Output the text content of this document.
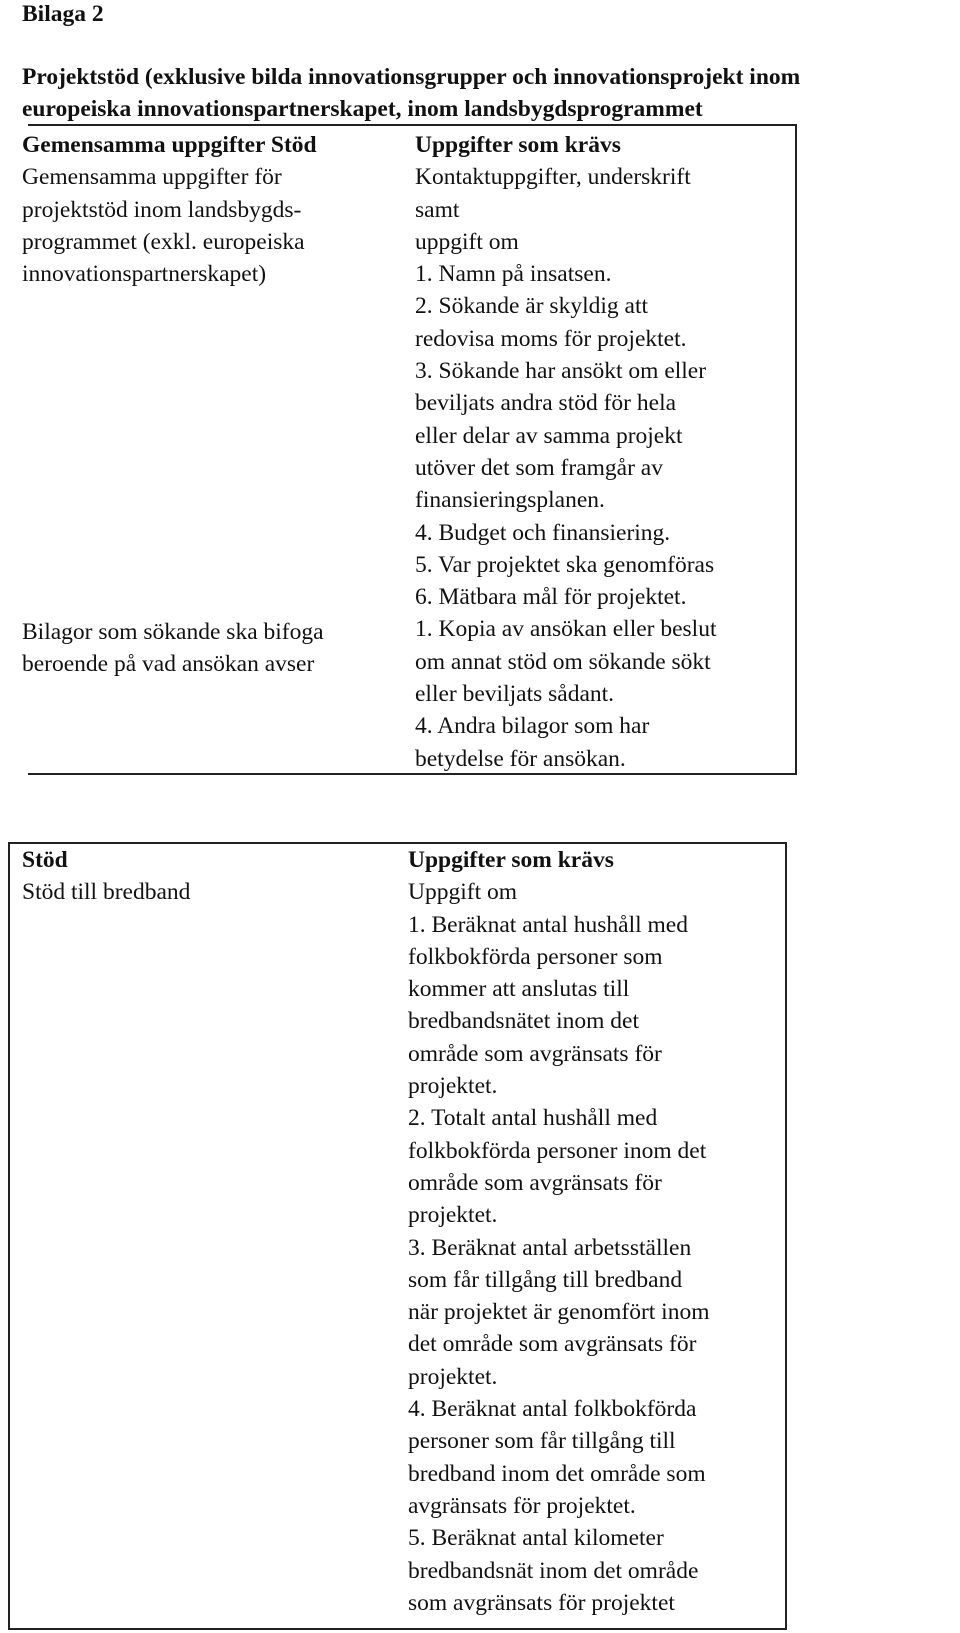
Bilaga 2
Projektstöd (exklusive bilda innovationsgrupper och innovationsprojekt inom
europeiska innovationspartnerskapet, inom landsbygdsprogrammet
Gemensamma uppgifter Stöd
Gemensamma uppgifter för
projektstöd inom landsbygds-
programmet (exkl. europeiska
innovationspartnerskapet)
Bilagor som sökande ska bifoga
beroende på vad ansökan avser
Uppgifter som krävs
Kontaktuppgifter, underskrift
samt
uppgift om
1. Namn på insatsen.
2. Sökande är skyldig att
redovisa moms för projektet.
3. Sökande har ansökt om eller
beviljats andra stöd för hela
eller delar av samma projekt
utöver det som framgår av
finansieringsplanen.
4. Budget och finansiering.
5. Var projektet ska genomföras
6. Mätbara mål för projektet.
1. Kopia av ansökan eller beslut
om annat stöd om sökande sökt
eller beviljats sådant.
4. Andra bilagor som har
betydelse för ansökan.
Stöd
Stöd till bredband
Uppgifter som krävs
Uppgift om
1. Beräknat antal hushåll med
folkbokförda personer som
kommer att anslutas till
bredbandsnätet inom det
område som avgränsats för
projektet.
2. Totalt antal hushåll med
folkbokförda personer inom det
område som avgränsats för
projektet.
3. Beräknat antal arbetsställen
som får tillgång till bredband
när projektet är genomfört inom
det område som avgränsats för
projektet.
4. Beräknat antal folkbokförda
personer som får tillgång till
bredband inom det område som
avgränsats för projektet.
5. Beräknat antal kilometer
bredbandsnät inom det område
som avgränsats för projektet
